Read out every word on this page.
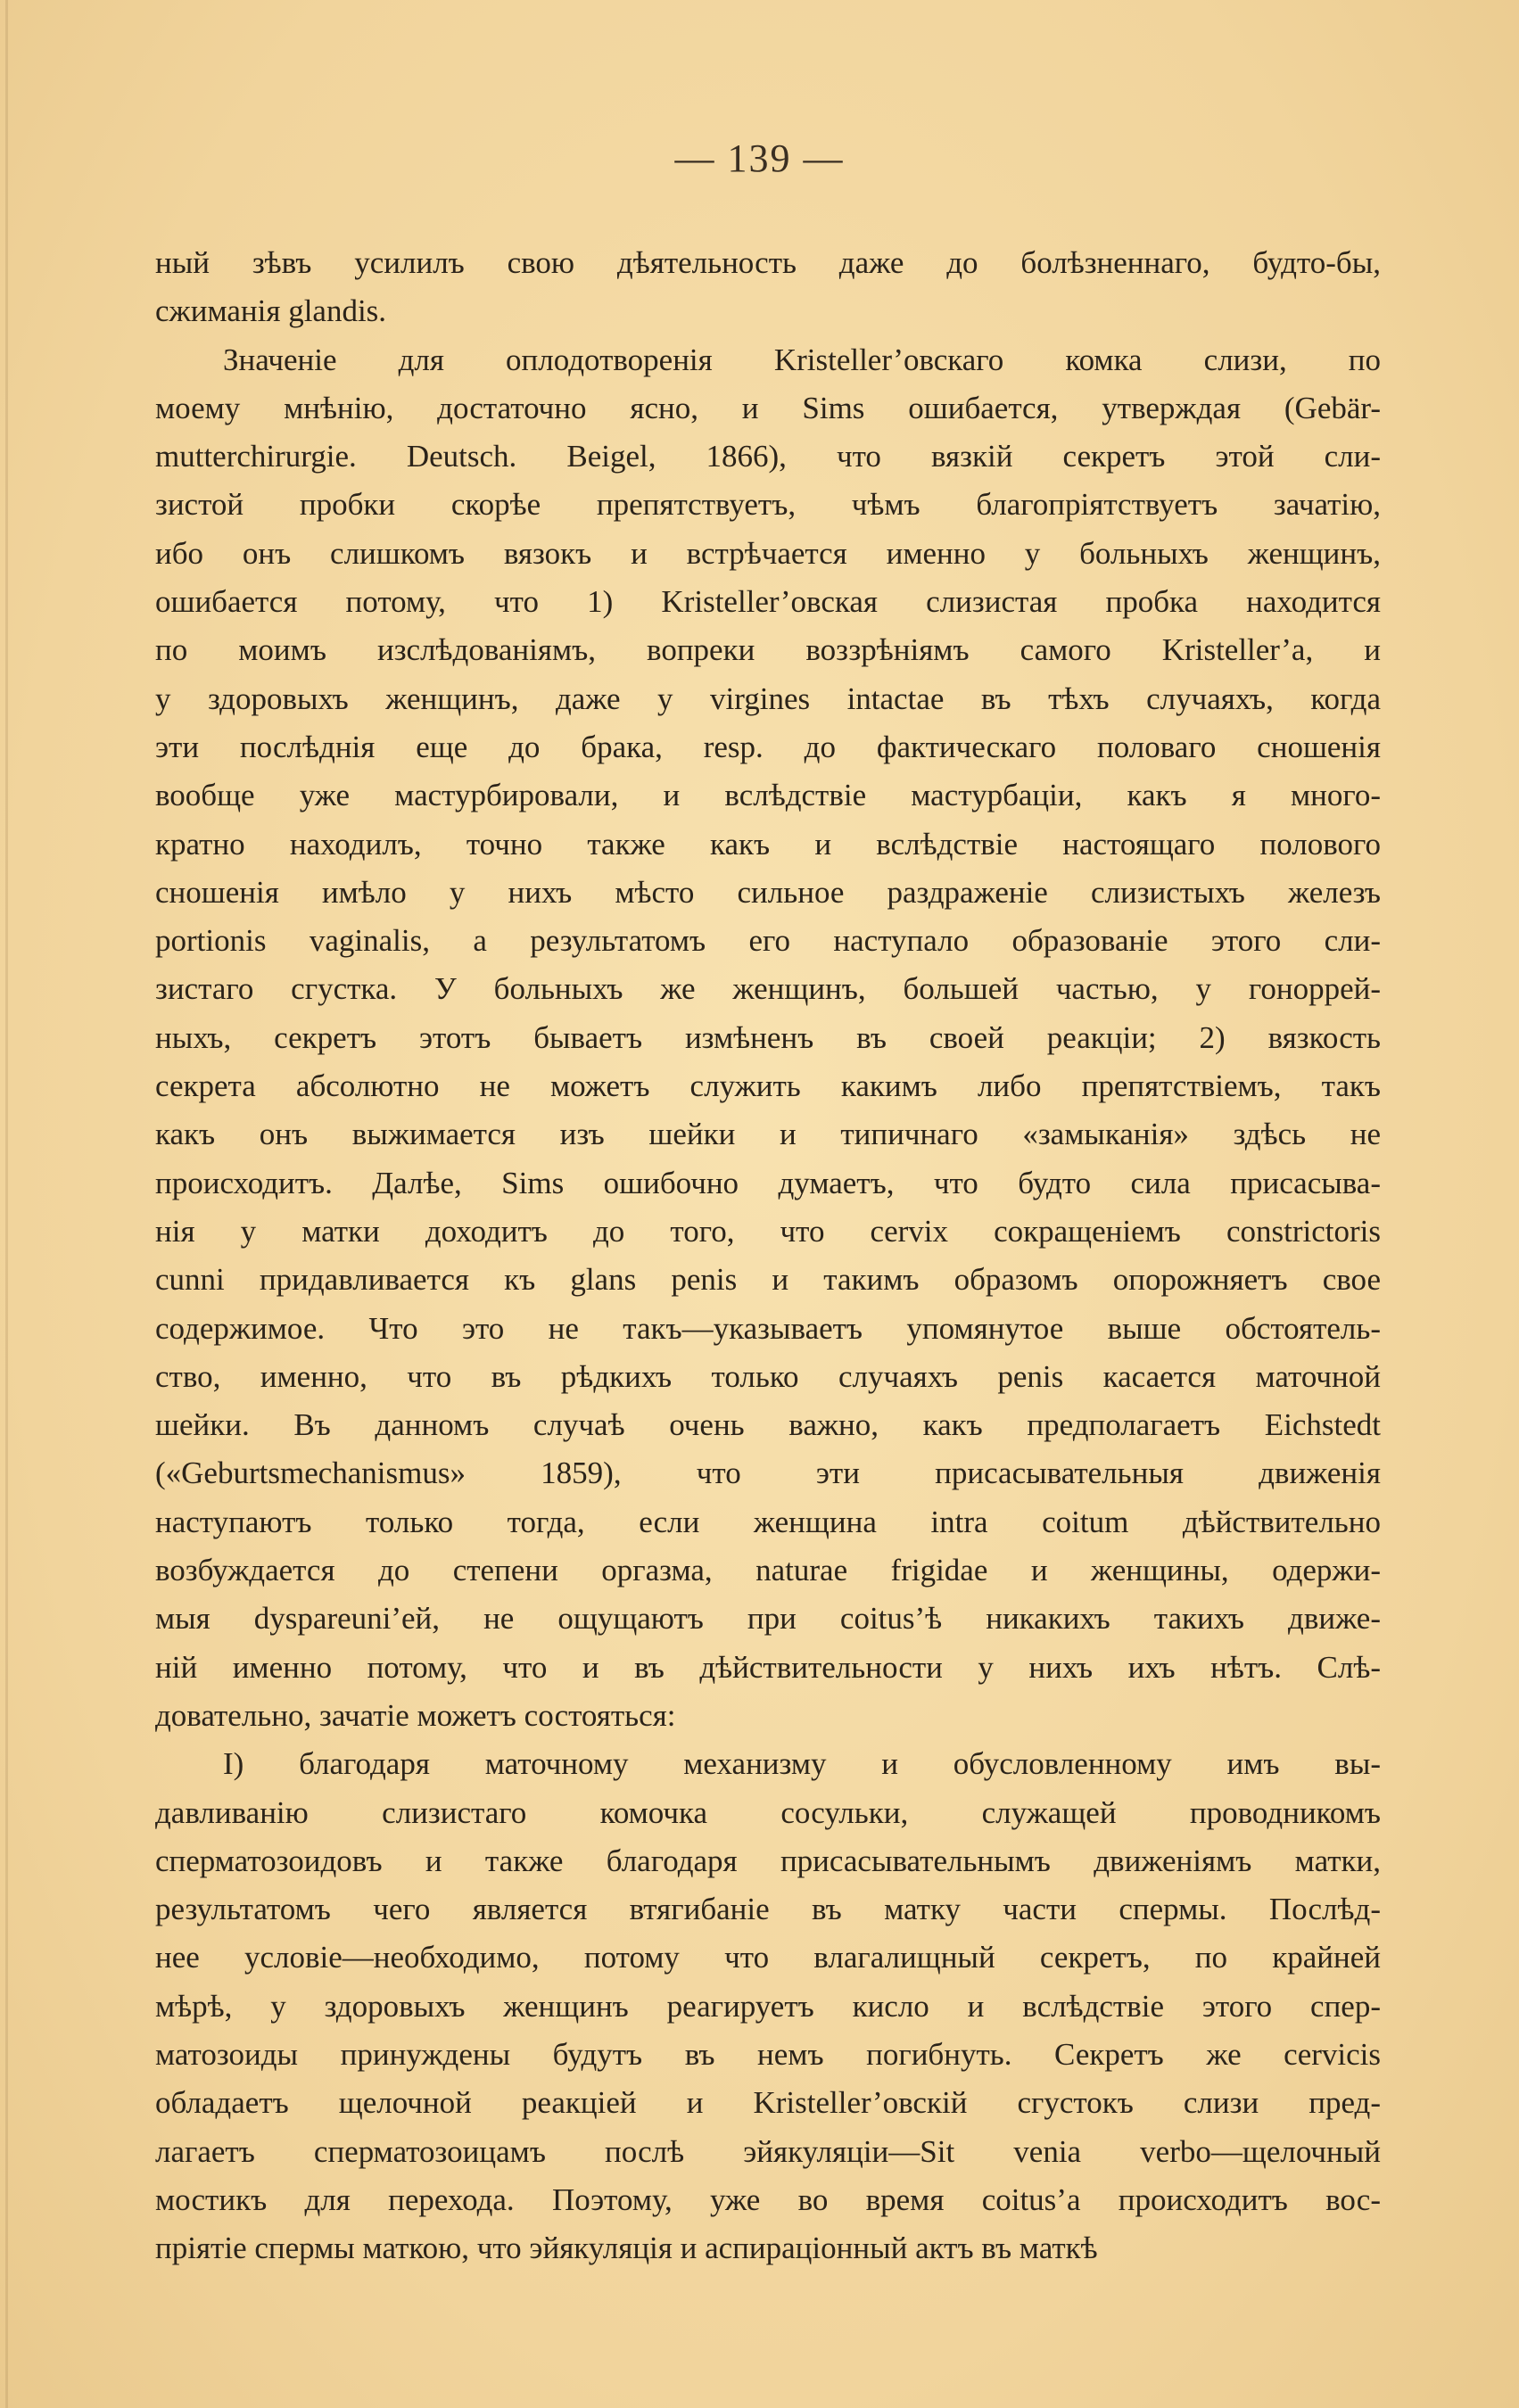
— 139 —
ный зѣвъ усилилъ свою дѣятельность даже до болѣзненнаго, будто-бы,
сжиманія glandis.
Значеніе для оплодотворенія Kristeller’овскаго комка слизи, по
моему мнѣнію, достаточно ясно, и Sims ошибается, утверждая (Gebär-
muttercһirurgie. Deutsch. Beigel, 1866), что вязкій секретъ этой сли-
зистой пробки скорѣе препятствуетъ, чѣмъ благопріятствуетъ зачатію,
ибо онъ слишкомъ вязокъ и встрѣчается именно у больныхъ женщинъ,
ошибается потому, что 1) Kristeller’овская слизистая пробка находится
по моимъ изслѣдованіямъ, вопреки воззрѣніямъ самого Kristeller’a, и
у здоровыхъ женщинъ, даже у virgines intactae въ тѣхъ случаяхъ, когда
эти послѣднія еще до брака, resp. до фактическаго половаго сношенія
вообще уже мастурбировали, и вслѣдствіе мастурбаціи, какъ я много-
кратно находилъ, точно также какъ и вслѣдствіе настоящаго полового
сношенія имѣло у нихъ мѣсто сильное раздраженіе слизистыхъ железъ
portionis vaginalis, а результатомъ его наступало образованіе этого сли-
зистаго сгустка. У больныхъ же женщинъ, большей частью, у гоноррей-
ныхъ, секретъ этотъ бываетъ измѣненъ въ своей реакціи; 2) вязкость
секрета абсолютно не можетъ служить какимъ либо препятствіемъ, такъ
какъ онъ выжимается изъ шейки и типичнаго «замыканія» здѣсь не
происходитъ. Далѣе, Sims ошибочно думаетъ, что будто сила присасыва-
нія у матки доходитъ до того, что cervix сокращеніемъ constrictoris
cunni придавливается къ glans penis и такимъ образомъ опорожняетъ свое
содержимое. Что это не такъ—указываетъ упомянутое выше обстоятель-
ство, именно, что въ рѣдкихъ только случаяхъ penis касается маточной
шейки. Въ данномъ случаѣ очень важно, какъ предполагаетъ Eichstedt
(«Geburtsmechanismus» 1859), что эти присасывательныя движенія
наступаютъ только тогда, если женщина intra coitum дѣйствительно
возбуждается до степени оргазма, naturae frigidae и женщины, одержи-
мыя dyspareuni’ей, не ощущаютъ при coitus’ѣ никакихъ такихъ движе-
ній именно потому, что и въ дѣйствительности у нихъ ихъ нѣтъ. Слѣ-
довательно, зачатіе можетъ состояться:
I) благодаря маточному механизму и обусловленному имъ вы-
давливанію слизистаго комочка сосульки, служащей проводникомъ
сперматозоидовъ и также благодаря присасывательнымъ движеніямъ матки,
результатомъ чего является втягибаніе въ матку части спермы. Послѣд-
нее условіе—необходимо, потому что влагалищный секретъ, по крайней
мѣрѣ, у здоровыхъ женщинъ реагируетъ кисло и вслѣдствіе этого спер-
матозоиды принуждены будутъ въ немъ погибнуть. Секретъ же cervicis
обладаетъ щелочной реакціей и Kristeller’овскій сгустокъ слизи пред-
лагаетъ сперматозоицамъ послѣ эйякуляціи—Sit venia verbo—щелочный
мостикъ для перехода. Поэтому, уже во время coitus’a происходитъ вос-
пріятіе спермы маткою, что эйякуляція и аспираціонный актъ въ маткѣ
